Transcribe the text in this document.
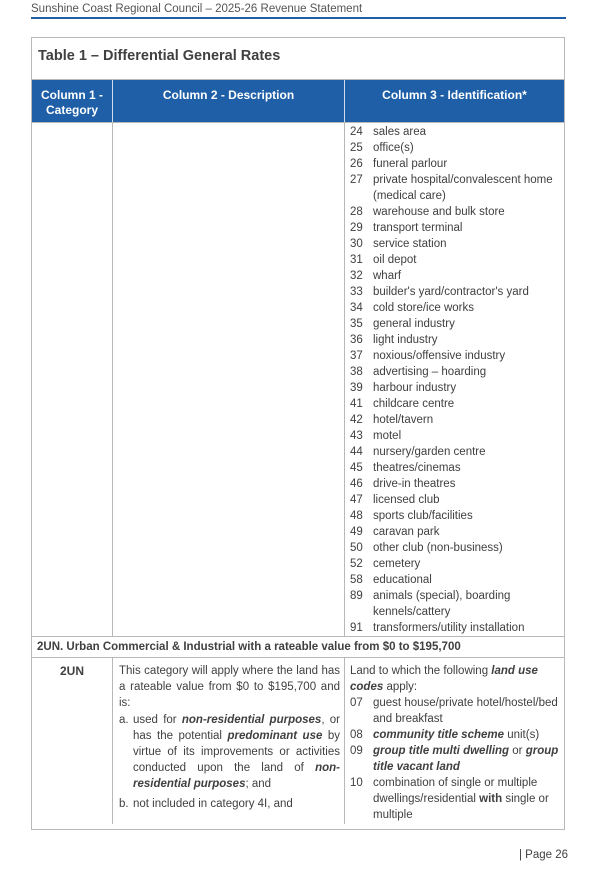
Sunshine Coast Regional Council – 2025-26 Revenue Statement
Table 1 – Differential General Rates
Column 1 - Category
Column 2 - Description	Column 3 - Identification*
24 sales area
25 office(s)
26 funeral parlour
27 private hospital/convalescent home (medical care)
28 warehouse and bulk store
29 transport terminal
30 service station
31 oil depot
32 wharf
33 builder's yard/contractor's yard
34 cold store/ice works
35 general industry
36 light industry
37 noxious/offensive industry
38 advertising – hoarding
39 harbour industry
41 childcare centre
42 hotel/tavern
43 motel
44 nursery/garden centre
45 theatres/cinemas
46 drive-in theatres
47 licensed club
48 sports club/facilities
49 caravan park
50 other club (non-business)
52 cemetery
58 educational
89 animals (special), boarding kennels/cattery
91 transformers/utility installation
2UN. Urban Commercial & Industrial with a rateable value from $0 to $195,700
2UN	This category will apply where the land has a rateable value from $0 to $195,700 and is:

a. used for non-residential purposes, or has the potential predominant use by virtue of its improvements or activities conducted upon the land of non-residential purposes; and
b. not included in category 4I, and
Land to which the following land use codes apply:
07 guest house/private hotel/hostel/bed and breakfast
08 community title scheme unit(s)
09 group title multi dwelling or group title vacant land
10 combination of single or multiple dwellings/residential with single or multiple
| Page 26
